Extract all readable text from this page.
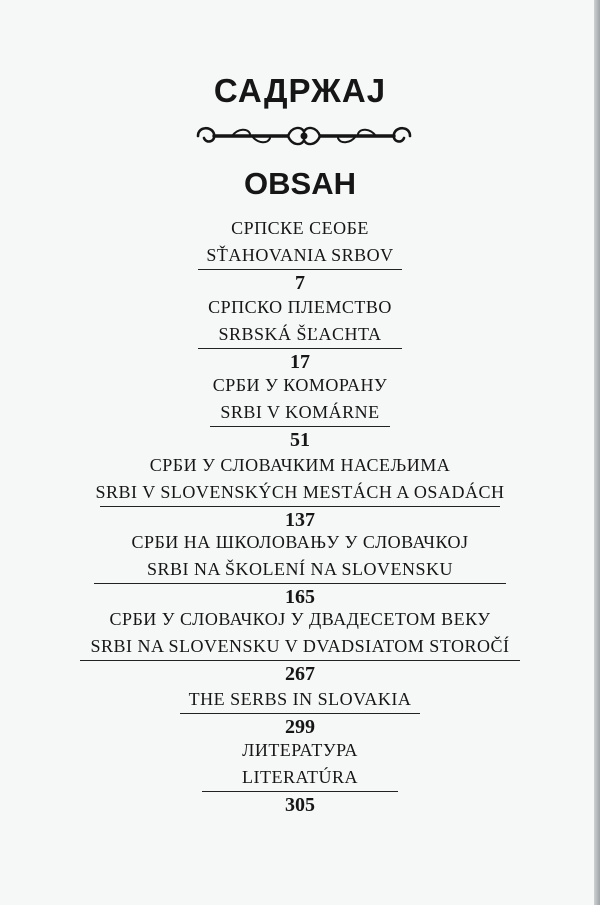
САДРЖАЈ
OBSAH
СРПСКЕ СЕОБЕ
SŤAHOVANIA SRBOV
7
СРПСКО ПЛЕМСТВО
SRBSKÁ ŠĽACHTA
17
СРБИ У КОМОРАНУ
SRBI V KOMÁRNE
51
СРБИ У СЛОВАЧКИМ НАСЕЉИМА
SRBI V SLOVENSKÝCH MESTÁCH A OSADÁCH
137
СРБИ НА ШКОЛОВАЊУ У СЛОВАЧКОЈ
SRBI NA ŠKOLENÍ NA SLOVENSKU
165
СРБИ У СЛОВАЧКОЈ У ДВАДЕСЕТОМ ВЕКУ
SRBI NA SLOVENSKU V DVADSIATOM STOROČÍ
267
THE SERBS IN SLOVAKIA
299
ЛИТЕРАТУРА
LITERATÚRA
305
